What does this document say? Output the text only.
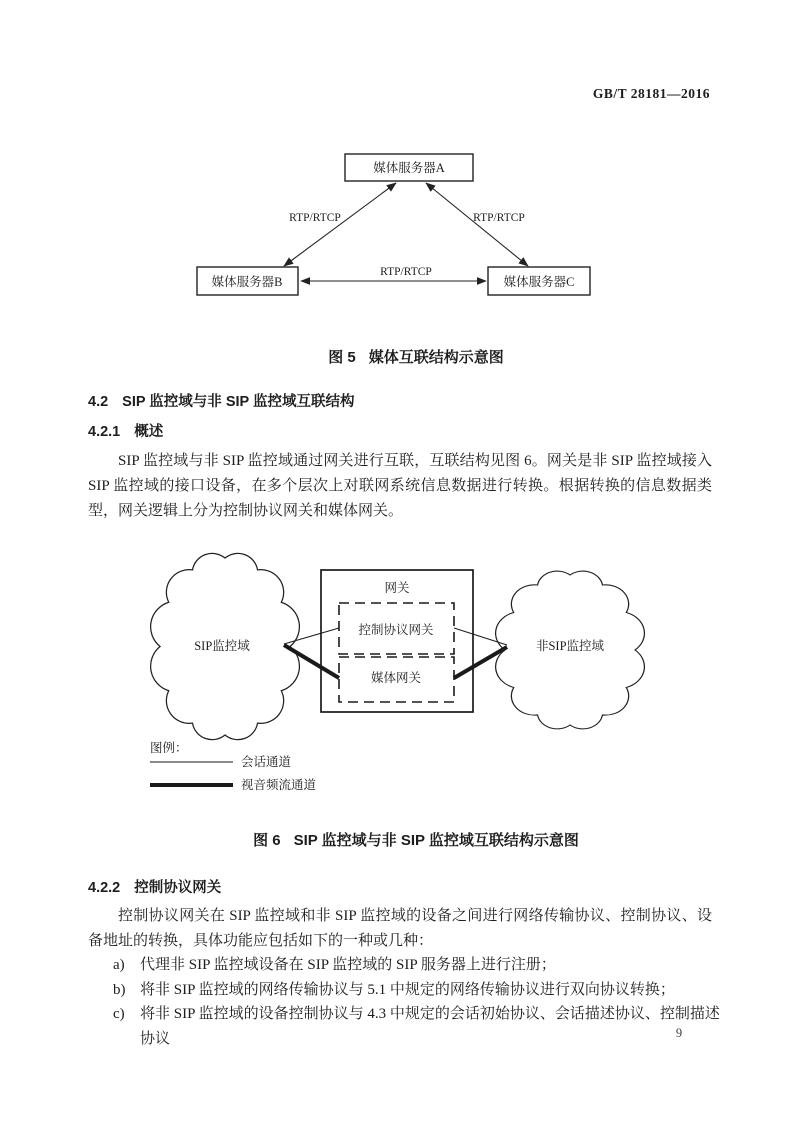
GB/T 28181—2016
媒体服务器A
媒体服务器B	媒体服务器C
RTP/RTCP	RTP/RTCP
RTP/RTCP
图 5 媒体互联结构示意图
4.2 SIP 监控域与非 SIP 监控域互联结构
4.2.1 概述
SIP 监控域与非 SIP 监控域通过网关进行互联，互联结构见图 6。网关是非 SIP 监控域接入 SIP 监控域的接口设备，在多个层次上对联网系统信息数据进行转换。根据转换的信息数据类型，网关逻辑上分为控制协议网关和媒体网关。
网关
控制协议网关
媒体网关
SIP监控域	非SIP监控域
图例：
会话通道
视音频流通道
图 6 SIP 监控域与非 SIP 监控域互联结构示意图
4.2.2 控制协议网关
控制协议网关在 SIP 监控域和非 SIP 监控域的设备之间进行网络传输协议、控制协议、设备地址的转换，具体功能应包括如下的一种或几种：
a)	代理非 SIP 监控域设备在 SIP 监控域的 SIP 服务器上进行注册；
b) 将非 SIP 监控域的网络传输协议与 5.1 中规定的网络传输协议进行双向协议转换；
c)	将非 SIP 监控域的设备控制协议与 4.3 中规定的会话初始协议、会话描述协议、控制描述协议	9
